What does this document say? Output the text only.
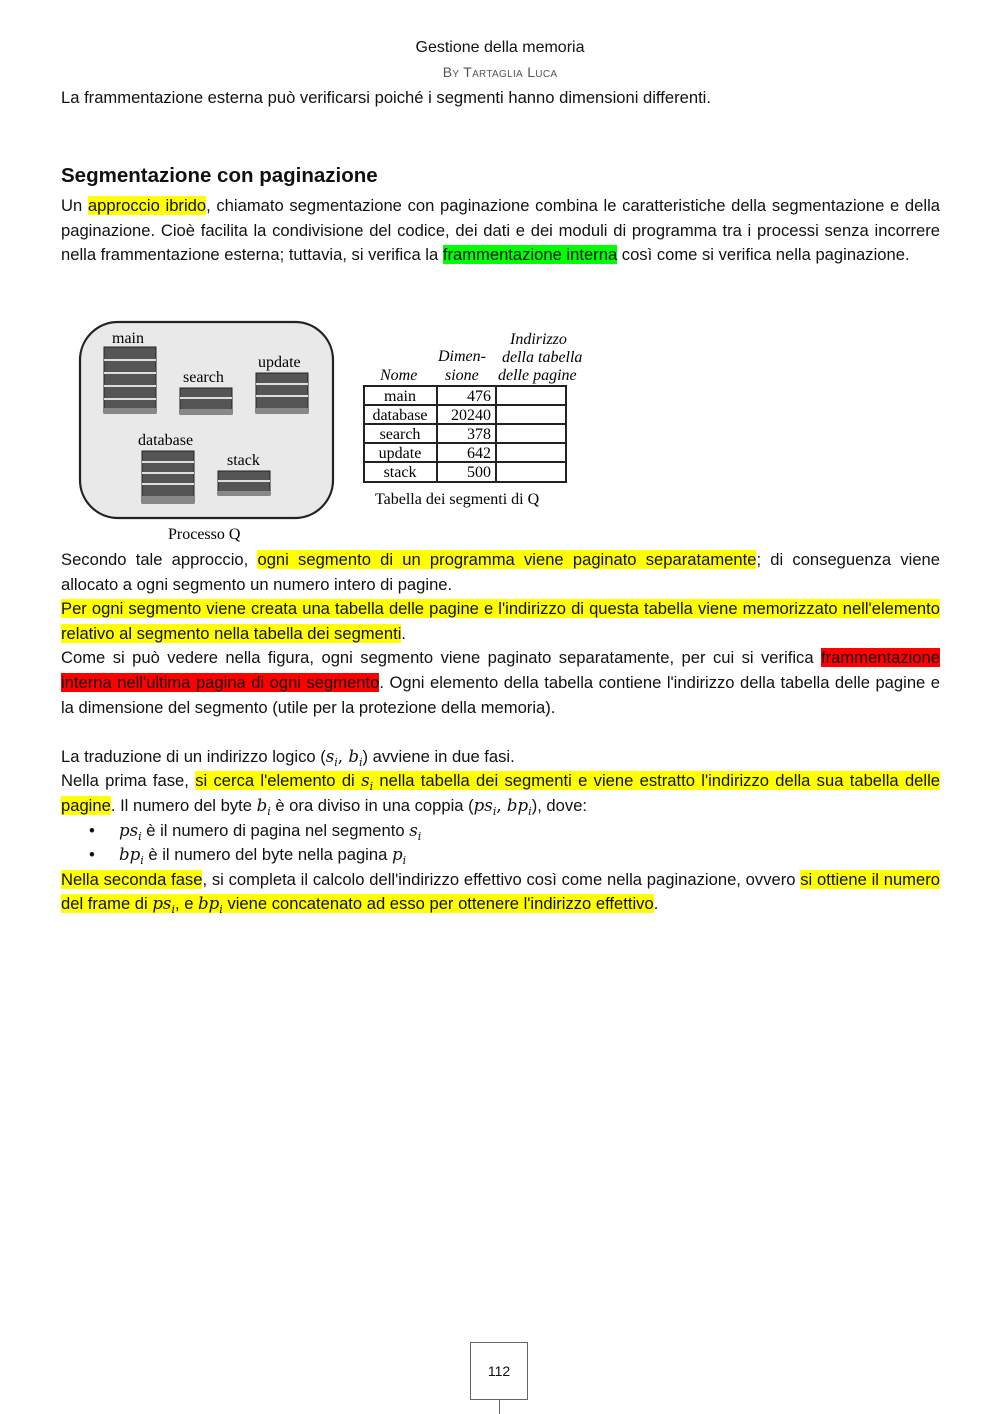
Gestione della memoria
By Tartaglia Luca
La frammentazione esterna può verificarsi poiché i segmenti hanno dimensioni differenti.
Segmentazione con paginazione
Un approccio ibrido, chiamato segmentazione con paginazione combina le caratteristiche della segmentazione e della paginazione. Cioè facilita la condivisione del codice, dei dati e dei moduli di programma tra i processi senza incorrere nella frammentazione esterna; tuttavia, si verifica la frammentazione interna così come si verifica nella paginazione.
main
search
update
database
stack
Processo Q
Nome
Dimen-
sione
Indirizzo
della tabella
delle pagine
main	476
database 20240
search	378
update	642
stack	500
Tabella dei segmenti di Q
Secondo tale approccio, ogni segmento di un programma viene paginato separatamente; di conseguenza viene allocato a ogni segmento un numero intero di pagine.
Per ogni segmento viene creata una tabella delle pagine e l'indirizzo di questa tabella viene memorizzato nell'elemento relativo al segmento nella tabella dei segmenti.
Come si può vedere nella figura, ogni segmento viene paginato separatamente, per cui si verifica frammentazione interna nell'ultima pagina di ogni segmento. Ogni elemento della tabella contiene l'indirizzo della tabella delle pagine e la dimensione del segmento (utile per la protezione della memoria).
La traduzione di un indirizzo logico ($s_i$, $b_i$) avviene in due fasi.
Nella prima fase, si cerca l'elemento di $s_i$ nella tabella dei segmenti e viene estratto l'indirizzo della sua tabella delle pagine. Il numero del byte $b_i$ è ora diviso in una coppia ($ps_i$, $bp_i$), dove:
• $ps_i$ è il numero di pagina nel segmento $s_i$
• $bp_i$ è il numero del byte nella pagina $p_i$
Nella seconda fase, si completa il calcolo dell'indirizzo effettivo così come nella paginazione, ovvero si ottiene il numero del frame di $ps_i$, e $bp_i$ viene concatenato ad esso per ottenere l'indirizzo effettivo.
112
